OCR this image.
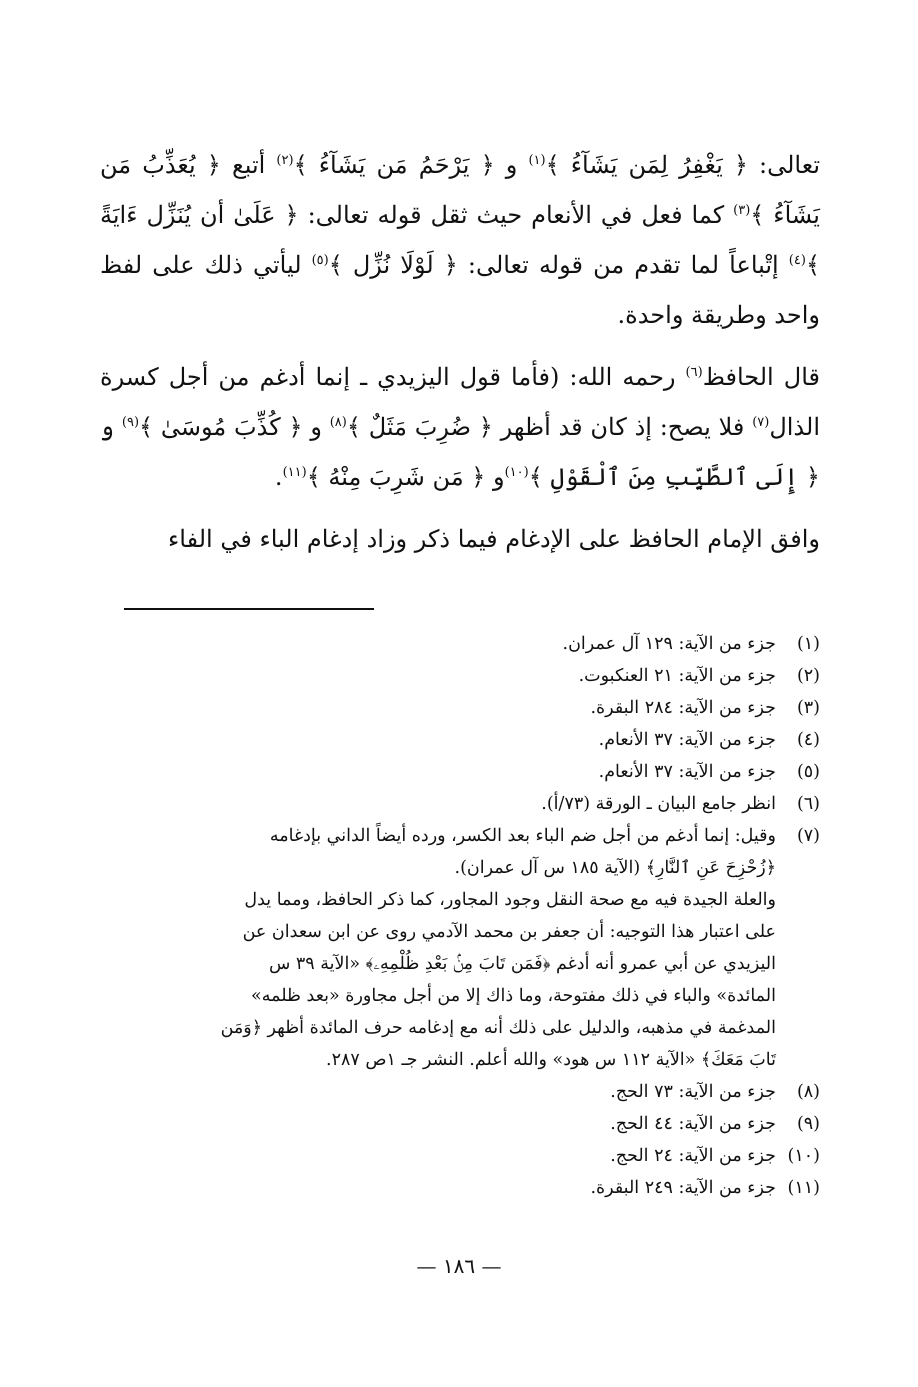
تعالى: ﴿ يَغْفِرُ لِمَن يَشَآءُ ﴾$^{(١)}$ و ﴿ يَرْحَمُ مَن يَشَآءُ ﴾$^{(٢)}$ أتبع ﴿ يُعَذِّبُ مَن يَشَآءُ ﴾$^{(٣)}$ كما فعل في الأنعام حيث ثقل قوله تعالى: ﴿ عَلَىٰ أن يُنَزِّل ءَايَةً ﴾$^{(٤)}$ إتْباعاً لما تقدم من قوله تعالى: ﴿ لَوْلَا نُزِّل ﴾$^{(٥)}$ ليأتي ذلك على لفظ واحد وطريقة واحدة.

قال الحافظ$^{(٦)}$ رحمه الله: (فأما قول اليزيدي ـ إنما أدغم من أجل كسرة الذال$^{(٧)}$ فلا يصح: إذ كان قد أظهر ﴿ ضُرِبَ مَثَلٌ ﴾$^{(٨)}$ و ﴿ كُذِّبَ مُوسَىٰ ﴾$^{(٩)}$ و ﴿ إِلَى ٱلطَّيِّبِ مِنَ ٱلْقَوْلِ ﴾$^{(١٠)}$و ﴿ مَن شَرِبَ مِنْهُ ﴾$^{(١١)}$.

وافق الإمام الحافظ على الإدغام فيما ذكر وزاد إدغام الباء في الفاء

(١)
جزء من الآية: ١٢٩ آل عمران.
(٢)
جزء من الآية: ٢١ العنكبوت.
(٣)
جزء من الآية: ٢٨٤ البقرة.
(٤)
جزء من الآية: ٣٧ الأنعام.
(٥)
جزء من الآية: ٣٧ الأنعام.
(٦)
انظر جامع البيان ـ الورقة (٧٣/أ).
(٧)
وقيل: إنما أدغم من أجل ضم الباء بعد الكسر، ورده أيضاً الداني بإدغامه
﴿زُحْزِحَ عَنِ ٱلنَّارِ﴾ (الآية ١٨٥ س آل عمران).
والعلة الجيدة فيه مع صحة النقل وجود المجاور، كما ذكر الحافظ، ومما يدل
على اعتبار هذا التوجيه: أن جعفر بن محمد الآدمي روى عن ابن سعدان عن
اليزيدي عن أبي عمرو أنه أدغم ﴿فَمَن تَابَ مِنۢ بَعْدِ ظُلْمِهِۦ﴾ «الآية ٣٩ س
المائدة» والباء في ذلك مفتوحة، وما ذاك إلا من أجل مجاورة «بعد ظلمه»
المدغمة في مذهبه، والدليل على ذلك أنه مع إدغامه حرف المائدة أظهر ﴿وَمَن
تَابَ مَعَكَ﴾ «الآية ١١٢ س هود» والله أعلم. النشر جـ ١ص ٢٨٧.
(٨)
جزء من الآية: ٧٣ الحج.
(٩)
جزء من الآية: ٤٤ الحج.
(١٠)
جزء من الآية: ٢٤ الحج.
(١١)
جزء من الآية: ٢٤٩ البقرة.
— ١٨٦ —
